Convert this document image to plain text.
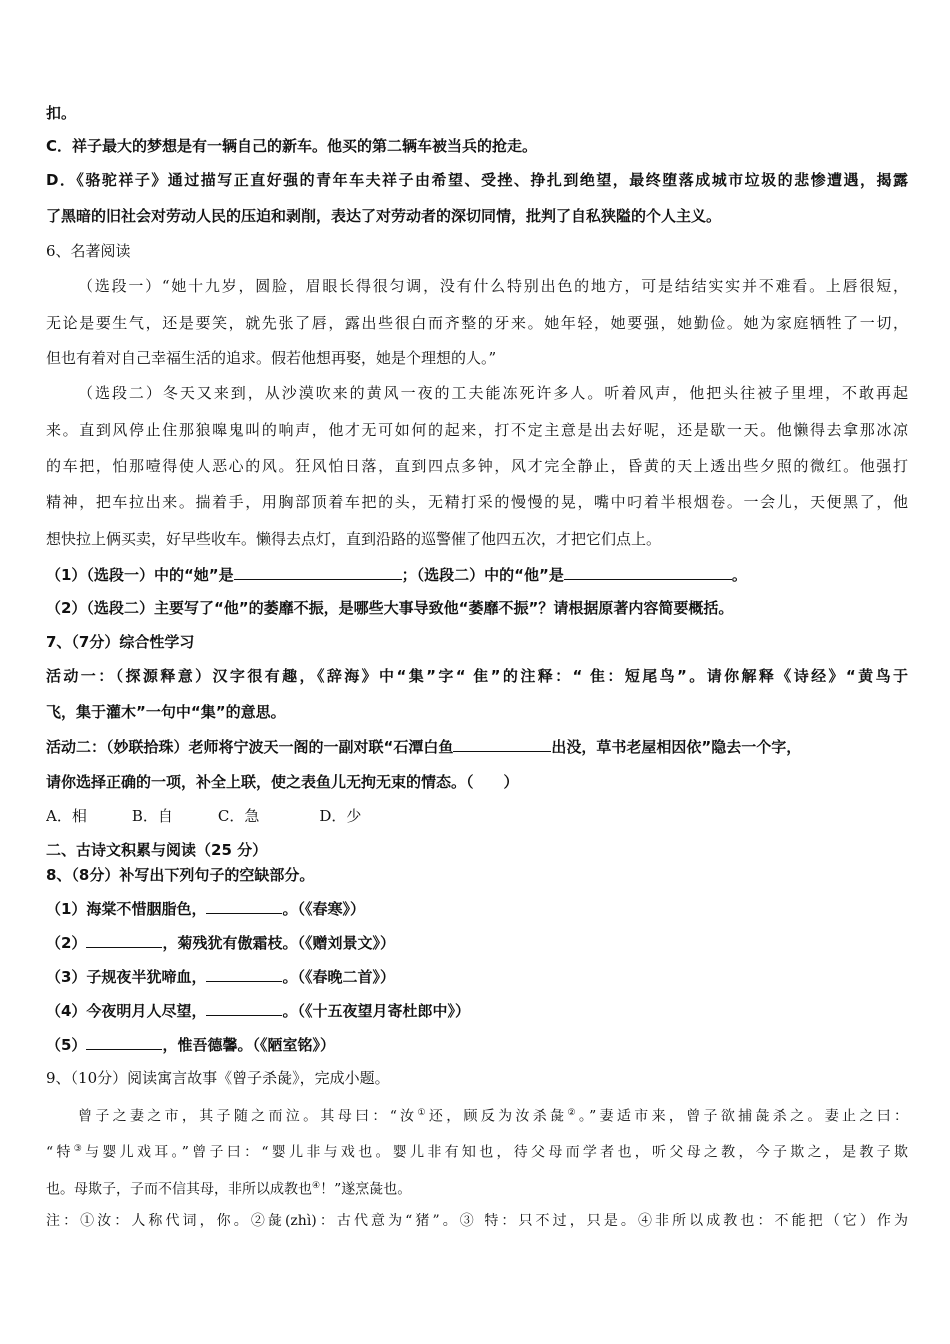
扣。
C．祥子最大的梦想是有一辆自己的新车。他买的第二辆车被当兵的抢走。
D．《骆驼祥子》通过描写正直好强的青年车夫祥子由希望、受挫、挣扎到绝望，最终堕落成城市垃圾的悲惨遭遇，揭露
了黑暗的旧社会对劳动人民的压迫和剥削，表达了对劳动者的深切同情，批判了自私狭隘的个人主义。
6、名著阅读
（选段一）“她十九岁，圆脸，眉眼长得很匀调，没有什么特别出色的地方，可是结结实实并不难看。上唇很短，
无论是要生气，还是要笑，就先张了唇，露出些很白而齐整的牙来。她年轻，她要强，她勤俭。她为家庭牺牲了一切，
但也有着对自己幸福生活的追求。假若他想再娶，她是个理想的人。”
（选段二）冬天又来到，从沙漠吹来的黄风一夜的工夫能冻死许多人。听着风声，他把头往被子里埋，不敢再起
来。直到风停止住那狼嗥鬼叫的响声，他才无可如何的起来，打不定主意是出去好呢，还是歇一天。他懒得去拿那冰凉
的车把，怕那噎得使人恶心的风。狂风怕日落，直到四点多钟，风才完全静止，昏黄的天上透出些夕照的微红。他强打
精神，把车拉出来。揣着手，用胸部顶着车把的头，无精打采的慢慢的晃，嘴中叼着半根烟卷。一会儿，天便黑了，他
想快拉上俩买卖，好早些收车。懒得去点灯，直到沿路的巡警催了他四五次，才把它们点上。
（1）（选段一）中的“她”是	；（选段二）中的“他”是	。
（2）（选段二）主要写了“他”的萎靡不振，是哪些大事导致他“萎靡不振”？请根据原著内容简要概括。
7、（7分）综合性学习
活动一：（探源释意）汉字很有趣，《辞海》中“集”字“ 隹”的注释：“ 隹：短尾鸟”。请你解释《诗经》“黄鸟于
飞，集于灌木”一句中“集”的意思。
活动二：（妙联拾珠）老师将宁波天一阁的一副对联“石潭白鱼	出没，草书老屋相因依”隐去一个字，
请你选择正确的一项，补全上联，使之表鱼儿无拘无束的情态。（　　）
A．相　　　B．自　　　C．急　　　　D．少
二、古诗文积累与阅读（25 分）
8、（8分）补写出下列句子的空缺部分。
（1）海棠不惜胭脂色，	。（《春寒》）
（2）	，菊残犹有傲霜枝。（《赠刘景文》）
（3）子规夜半犹啼血，	。（《春晚二首》）
（4）今夜明月人尽望，	。（《十五夜望月寄杜郎中》）
（5）	，惟吾德馨。（《陋室铭》）
9、（10分）阅读寓言故事《曾子杀彘》，完成小题。
曾子之妻之市，其子随之而泣。其母曰：“汝①还，顾反为汝杀彘②。”妻适市来，曾子欲捕彘杀之。妻止之曰：
“特③与婴儿戏耳。”曾子曰：“婴儿非与戏也。婴儿非有知也，待父母而学者也，听父母之教，今子欺之，是教子欺
也。母欺子，子而不信其母，非所以成教也④！”遂烹彘也。
注：①汝：人称代词，你。②彘(zhì)：古代意为“猪”。③ 特：只不过，只是。④非所以成教也：不能把（它）作为
